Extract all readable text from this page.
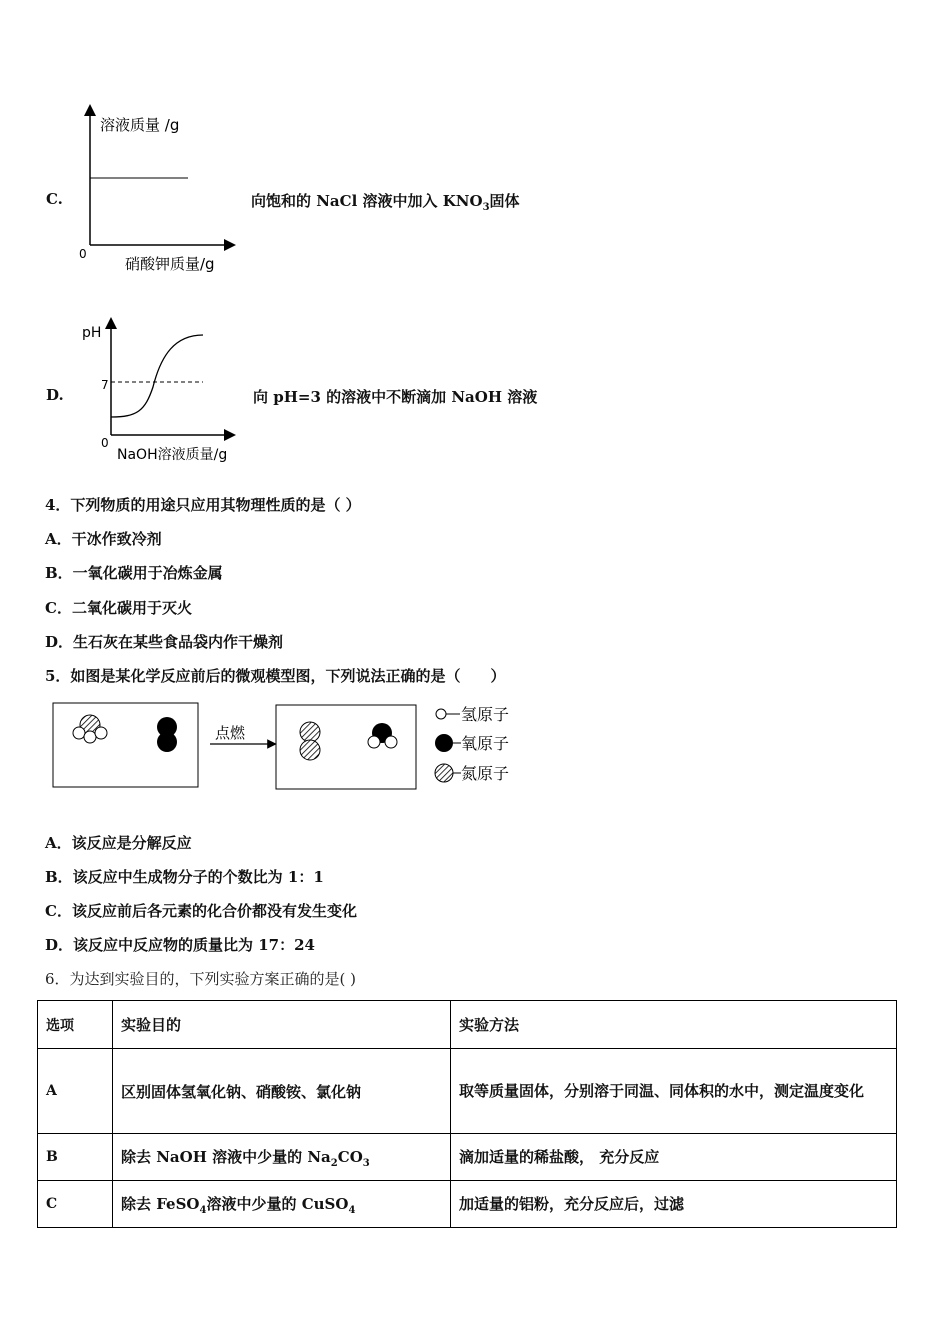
C.
溶液质量 /g
硝酸钾质量/g
0
向饱和的 NaCl 溶液中加入 $KNO_3$固体
D.
pH
7
0
NaOH溶液质量/g
向 pH=3 的溶液中不断滴加 NaOH 溶液
4．下列物质的用途只应用其物理性质的是（ ）
A．干冰作致冷剂
B．一氧化碳用于冶炼金属
C．二氧化碳用于灭火
D．生石灰在某些食品袋内作干燥剂
5．如图是某化学反应前后的微观模型图，下列说法正确的是（　　）
点燃
氢原子
氧原子
氮原子
A．该反应是分解反应
B．该反应中生成物分子的个数比为 1：1
C．该反应前后各元素的化合价都没有发生变化
D．该反应中反应物的质量比为 17：24
6．为达到实验目的，下列实验方案正确的是( )
选项	实验目的	实验方法
A	区别固体氢氧化钠、硝酸铵、氯化钠	取等质量固体，分别溶于同温、同体积的水中，测定温度变化
B	除去 NaOH 溶液中少量的 $Na_2CO_3$	滴加适量的稀盐酸， 充分反应
C	除去 FeSO$_4$溶液中少量的 CuSO$_4$	加适量的铝粉，充分反应后，过滤
